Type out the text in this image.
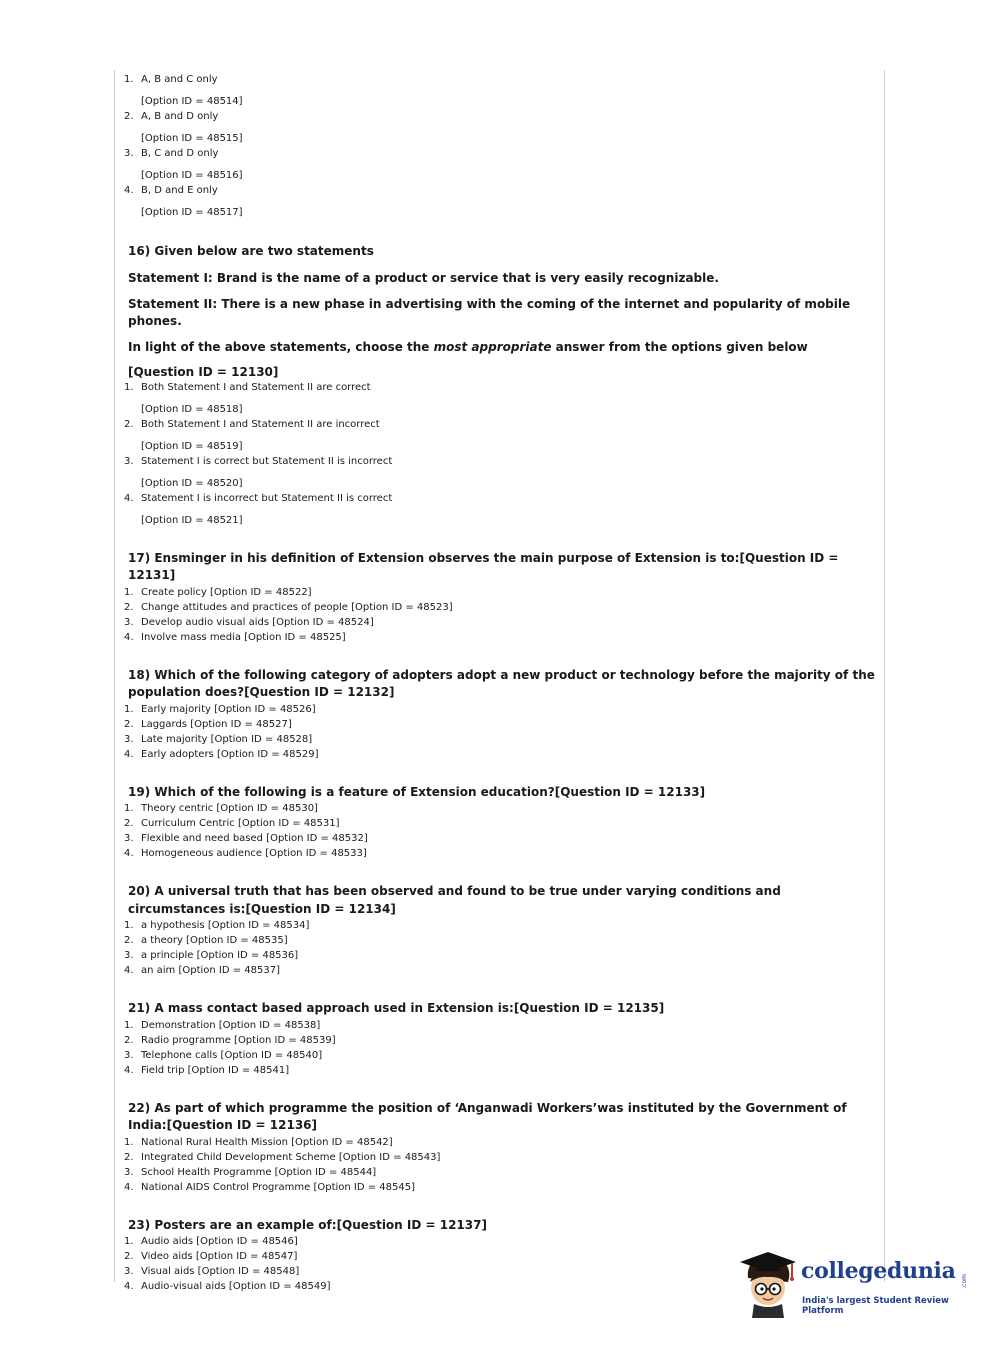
1. A, B and C only
[Option ID = 48514]
2. A, B and D only
[Option ID = 48515]
3. B, C and D only
[Option ID = 48516]
4. B, D and E only
[Option ID = 48517]
16) Given below are two statements
Statement I: Brand is the name of a product or service that is very easily recognizable.
Statement II: There is a new phase in advertising with the coming of the internet and popularity of mobile phones.
In light of the above statements, choose the most appropriate answer from the options given below
[Question ID = 12130]
1. Both Statement I and Statement II are correct
[Option ID = 48518]
2. Both Statement I and Statement II are incorrect
[Option ID = 48519]
3. Statement I is correct but Statement II is incorrect
[Option ID = 48520]
4. Statement I is incorrect but Statement II is correct
[Option ID = 48521]
17) Ensminger in his definition of Extension observes the main purpose of Extension is to:[Question ID = 12131]
1. Create policy [Option ID = 48522]
2. Change attitudes and practices of people [Option ID = 48523]
3. Develop audio visual aids [Option ID = 48524]
4. Involve mass media [Option ID = 48525]
18) Which of the following category of adopters adopt a new product or technology before the majority of the population does?[Question ID = 12132]
1. Early majority [Option ID = 48526]
2. Laggards [Option ID = 48527]
3. Late majority [Option ID = 48528]
4. Early adopters [Option ID = 48529]
19) Which of the following is a feature of Extension education?[Question ID = 12133]
1. Theory centric [Option ID = 48530]
2. Curriculum Centric [Option ID = 48531]
3. Flexible and need based [Option ID = 48532]
4. Homogeneous audience [Option ID = 48533]
20) A universal truth that has been observed and found to be true under varying conditions and circumstances is:[Question ID = 12134]
1. a hypothesis [Option ID = 48534]
2. a theory [Option ID = 48535]
3. a principle [Option ID = 48536]
4. an aim [Option ID = 48537]
21) A mass contact based approach used in Extension is:[Question ID = 12135]
1. Demonstration [Option ID = 48538]
2. Radio programme [Option ID = 48539]
3. Telephone calls [Option ID = 48540]
4. Field trip [Option ID = 48541]
22) As part of which programme the position of ‘Anganwadi Workers’was instituted by the Government of India:[Question ID = 12136]
1. National Rural Health Mission [Option ID = 48542]
2. Integrated Child Development Scheme [Option ID = 48543]
3. School Health Programme [Option ID = 48544]
4. National AIDS Control Programme [Option ID = 48545]
23) Posters are an example of:[Question ID = 12137]
1. Audio aids [Option ID = 48546]
2. Video aids [Option ID = 48547]
3. Visual aids [Option ID = 48548]
4. Audio-visual aids [Option ID = 48549]
collegedunia .com
India's largest Student Review Platform
